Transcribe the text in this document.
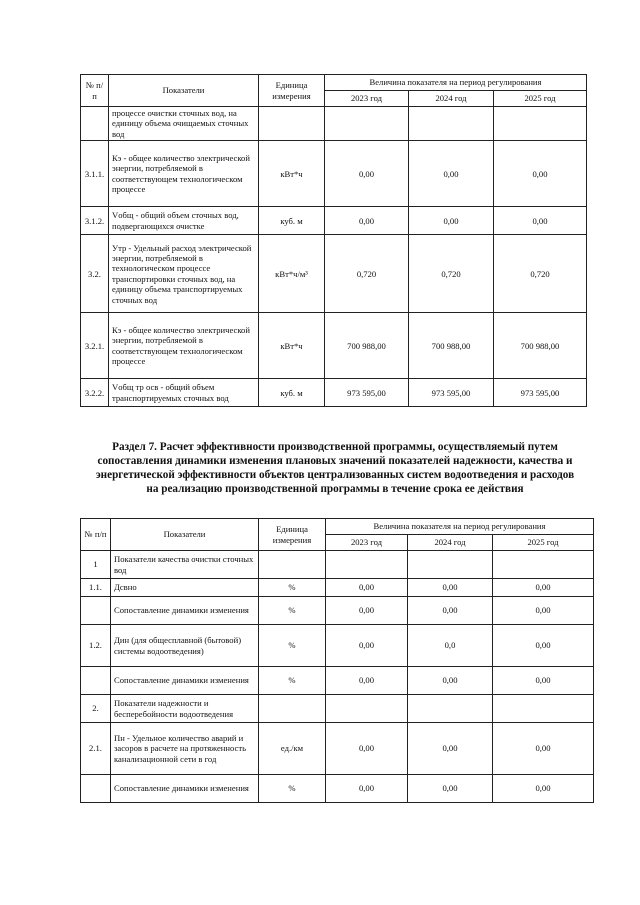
№ п/п	Показатели	Единица измерения	Величина показателя на период регулирования		
			2023 год	2024 год	2025 год
	процессе очистки сточных вод, на единицу объема очищаемых сточных вод				
3.1.1.	Кэ - общее количество электрической энергии, потребляемой в соответствующем технологическом процессе	кВт*ч	0,00	0,00	0,00
3.1.2.	Vобщ - общий объем сточных вод, подвергающихся очистке	куб. м	0,00	0,00	0,00
3.2.	Утр - Удельный расход электрической энергии, потребляемой в технологическом процессе транспортировки сточных вод, на единицу объема транспортируемых сточных вод	кВт*ч/м³	0,720	0,720	0,720
3.2.1.	Кэ - общее количество электрической энергии, потребляемой в соответствующем технологическом процессе	кВт*ч	700 988,00	700 988,00	700 988,00
3.2.2.	Vобщ тр осв - общий объем транспортируемых сточных вод	куб. м	973 595,00	973 595,00	973 595,00
Раздел 7. Расчет эффективности производственной программы, осуществляемый путем
сопоставления динамики изменения плановых значений показателей надежности, качества и
энергетической эффективности объектов централизованных систем водоотведения и расходов
на реализацию производственной программы в течение срока ее действия
№ п/п	Показатели	Единица измерения	Величина показателя на период регулирования		
			2023 год	2024 год	2025 год
1	Показатели качества очистки сточных вод				
1.1.	Дсвно	%	0,00	0,00	0,00
	Сопоставление динамики изменения	%	0,00	0,00	0,00
1.2.	Дин (для общесплавной (бытовой) системы водоотведения)	%	0,00	0,0	0,00
	Сопоставление динамики изменения	%	0,00	0,00	0,00
2.	Показатели надежности и бесперебойности водоотведения				
2.1.	Пн - Удельное количество аварий и засоров в расчете на протяженность канализационной сети в год	ед./км	0,00	0,00	0,00
	Сопоставление динамики изменения	%	0,00	0,00	0,00
